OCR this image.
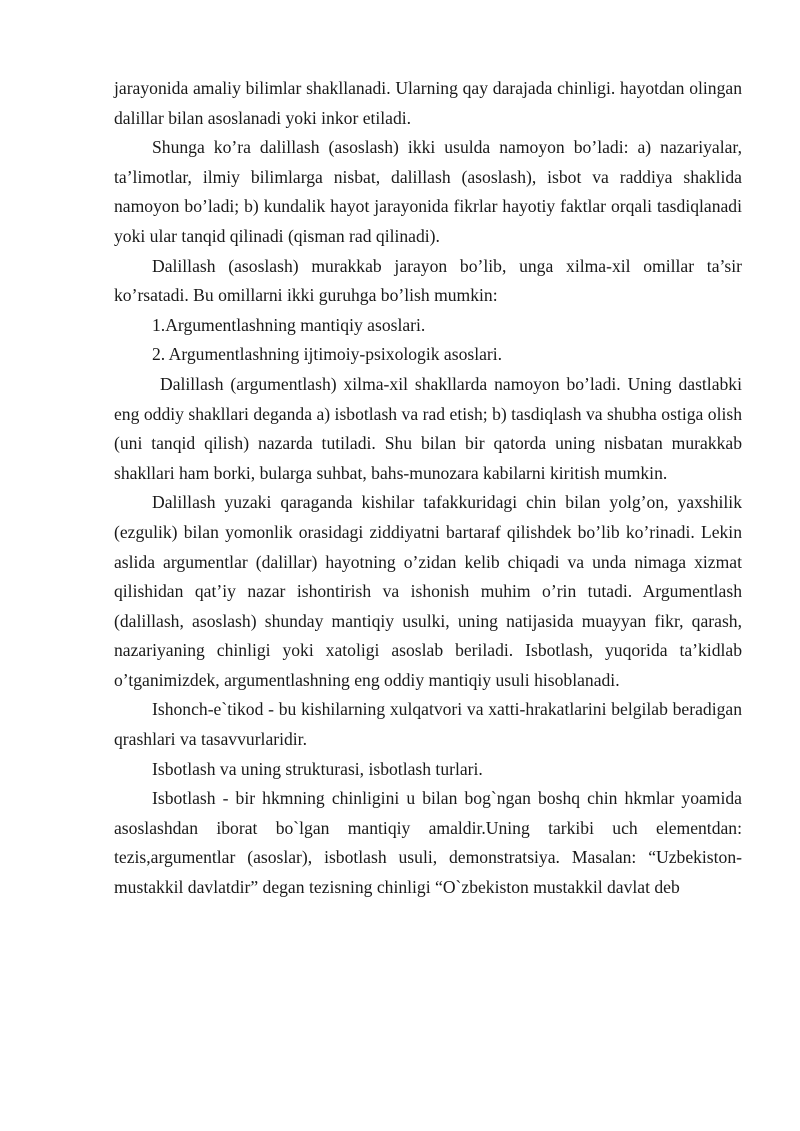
jarayonida amaliy bilimlar shakllanadi. Ularning qay darajada chinligi. hayotdan olingan dalillar bilan asoslanadi yoki inkor etiladi.

Shunga ko’ra dalillash (asoslash) ikki usulda namoyon bo’ladi: a) nazariyalar, ta’limotlar, ilmiy bilimlarga nisbat, dalillash (asoslash), isbot va raddiya shaklida namoyon bo’ladi; b) kundalik hayot jarayonida fikrlar hayotiy faktlar orqali tasdiqlanadi yoki ular tanqid qilinadi (qisman rad qilinadi).

Dalillash (asoslash) murakkab jarayon bo’lib, unga xilma-xil omillar ta’sir ko’rsatadi. Bu omillarni ikki guruhga bo’lish mumkin:

1.Argumentlashning mantiqiy asoslari.

2. Argumentlashning ijtimoiy-psixologik asoslari.

Dalillash (argumentlash) xilma-xil shakllarda namoyon bo’ladi. Uning dastlabki eng oddiy shakllari deganda a) isbotlash va rad etish; b) tasdiqlash va shubha ostiga olish (uni tanqid qilish) nazarda tutiladi. Shu bilan bir qatorda uning nisbatan murakkab shakllari ham borki, bularga suhbat, bahs-munozara kabilarni kiritish mumkin.

Dalillash yuzaki qaraganda kishilar tafakkuridagi chin bilan yolg’on, yaxshilik (ezgulik) bilan yomonlik orasidagi ziddiyatni bartaraf qilishdek bo’lib ko’rinadi. Lekin aslida argumentlar (dalillar) hayotning o’zidan kelib chiqadi va unda nimaga xizmat qilishidan qat’iy nazar ishontirish va ishonish muhim o’rin tutadi. Argumentlash (dalillash, asoslash) shunday mantiqiy usulki, uning natijasida muayyan fikr, qarash, nazariyaning chinligi yoki xatoligi asoslab beriladi. Isbotlash, yuqorida ta’kidlab o’tganimizdek, argumentlashning eng oddiy mantiqiy usuli hisoblanadi.

Ishonch-e`tikod - bu kishilarning xulqatvori va xatti-hrakatlarini belgilab beradigan qrashlari va tasavvurlaridir.

Isbotlash va uning strukturasi, isbotlash turlari.

Isbotlash - bir hkmning chinligini u bilan bog`ngan boshq chin hkmlar yoamida asoslashdan iborat bo`lgan mantiqiy amaldir.Uning tarkibi uch elementdan: tezis,argumentlar (asoslar), isbotlash usuli, demonstratsiya. Masalan: “Uzbekiston-mustakkil davlatdir” degan tezisning chinligi “O`zbekiston mustakkil davlat deb
